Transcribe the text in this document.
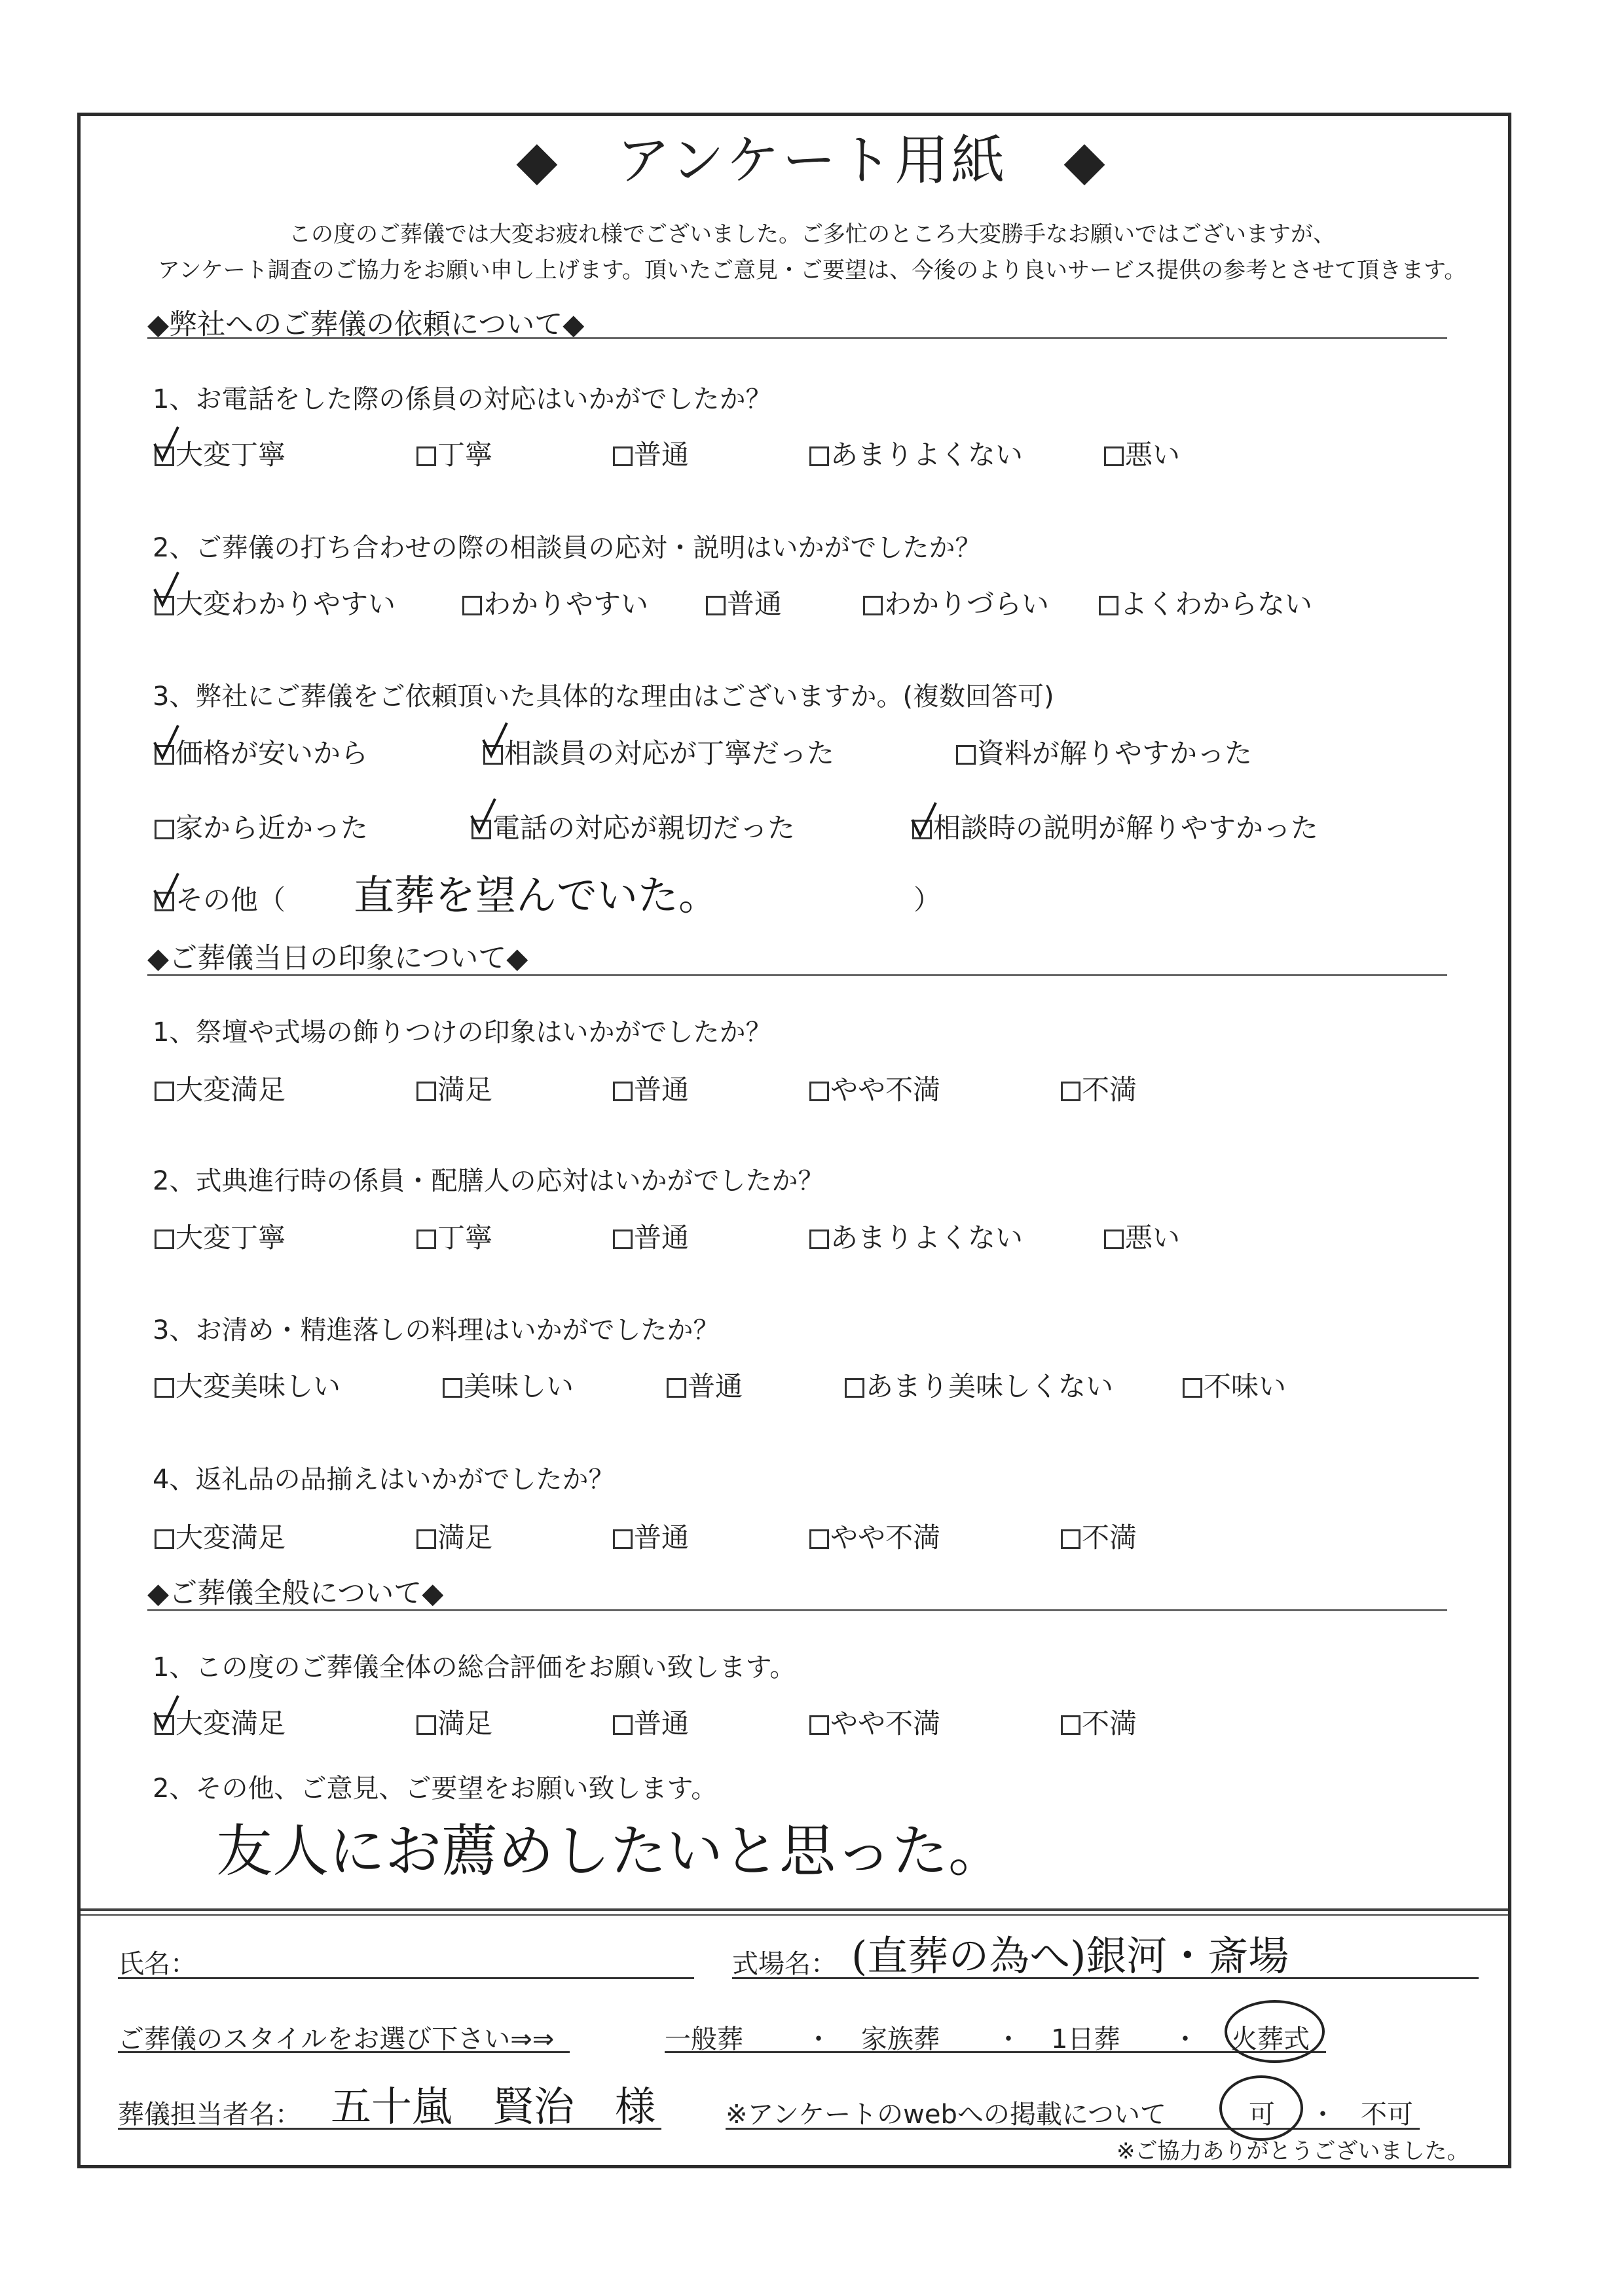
◆　アンケート用紙　◆
この度のご葬儀では大変お疲れ様でございました。ご多忙のところ大変勝手なお願いではございますが、
アンケート調査のご協力をお願い申し上げます。頂いたご意見・ご要望は、今後のより良いサービス提供の参考とさせて頂きます。
◆弊社へのご葬儀の依頼について◆
1、お電話をした際の係員の対応はいかがでしたか？
大変丁寧	丁寧	普通	あまりよくない	悪い
2、ご葬儀の打ち合わせの際の相談員の応対・説明はいかがでしたか？
大変わかりやすい	わかりやすい	普通	わかりづらい	よくわからない
3、弊社にご葬儀をご依頼頂いた具体的な理由はございますか。(複数回答可)
価格が安いから	相談員の対応が丁寧だった	資料が解りやすかった
家から近かった	電話の対応が親切だった	相談時の説明が解りやすかった
その他（ 直葬を望んでいた。	）
◆ご葬儀当日の印象について◆
1、祭壇や式場の飾りつけの印象はいかがでしたか？
大変満足	満足	普通	やや不満	不満
2、式典進行時の係員・配膳人の応対はいかがでしたか？
大変丁寧	丁寧	普通	あまりよくない	悪い
3、お清め・精進落しの料理はいかがでしたか？
大変美味しい	美味しい	普通	あまり美味しくない	不味い
4、返礼品の品揃えはいかがでしたか？
大変満足	満足	普通	やや不満	不満
◆ご葬儀全般について◆
1、この度のご葬儀全体の総合評価をお願い致します。
大変満足	満足	普通	やや不満	不満
2、その他、ご意見、ご要望をお願い致します。
友人にお薦めしたいと思った。
氏名：	式場名： (直葬の為へ)銀河・斎場
ご葬儀のスタイルをお選び下さい⇒⇒	一般葬 ・ 家族葬 ・ 1日葬 ・ 火葬式
葬儀担当者名： 五十嵐　賢治　様	※アンケートのwebへの掲載について	可 ・ 不可
※ご協力ありがとうございました。
